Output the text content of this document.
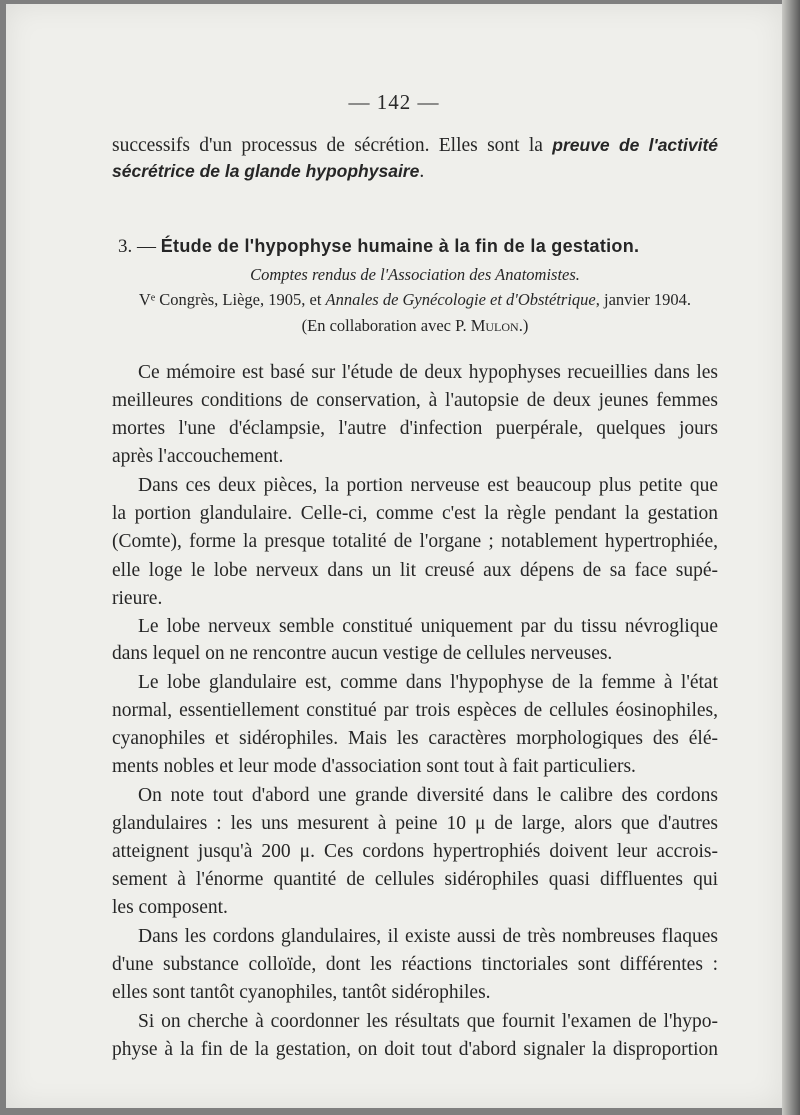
— 142 —
successifs d'un processus de sécrétion. Elles sont la preuve de l'activité
sécrétrice de la glande hypophysaire.
3. — Étude de l'hypophyse humaine à la fin de la gestation.
Comptes rendus de l'Association des Anatomistes.
Vᵉ Congrès, Liège, 1905, et Annales de Gynécologie et d'Obstétrique, janvier 1904.
(En collaboration avec P. Mulon.)
Ce mémoire est basé sur l'étude de deux hypophyses recueillies dans les
meilleures conditions de conservation, à l'autopsie de deux jeunes femmes
mortes l'une d'éclampsie, l'autre d'infection puerpérale, quelques jours
après l'accouchement.
Dans ces deux pièces, la portion nerveuse est beaucoup plus petite que
la portion glandulaire. Celle-ci, comme c'est la règle pendant la gestation
(Comte), forme la presque totalité de l'organe ; notablement hypertrophiée,
elle loge le lobe nerveux dans un lit creusé aux dépens de sa face supé-
rieure.
Le lobe nerveux semble constitué uniquement par du tissu névroglique
dans lequel on ne rencontre aucun vestige de cellules nerveuses.
Le lobe glandulaire est, comme dans l'hypophyse de la femme à l'état
normal, essentiellement constitué par trois espèces de cellules éosinophiles,
cyanophiles et sidérophiles. Mais les caractères morphologiques des élé-
ments nobles et leur mode d'association sont tout à fait particuliers.
On note tout d'abord une grande diversité dans le calibre des cordons
glandulaires : les uns mesurent à peine 10 μ de large, alors que d'autres
atteignent jusqu'à 200 μ. Ces cordons hypertrophiés doivent leur accrois-
sement à l'énorme quantité de cellules sidérophiles quasi diffluentes qui
les composent.
Dans les cordons glandulaires, il existe aussi de très nombreuses flaques
d'une substance colloïde, dont les réactions tinctoriales sont différentes :
elles sont tantôt cyanophiles, tantôt sidérophiles.
Si on cherche à coordonner les résultats que fournit l'examen de l'hypo-
physe à la fin de la gestation, on doit tout d'abord signaler la disproportion
